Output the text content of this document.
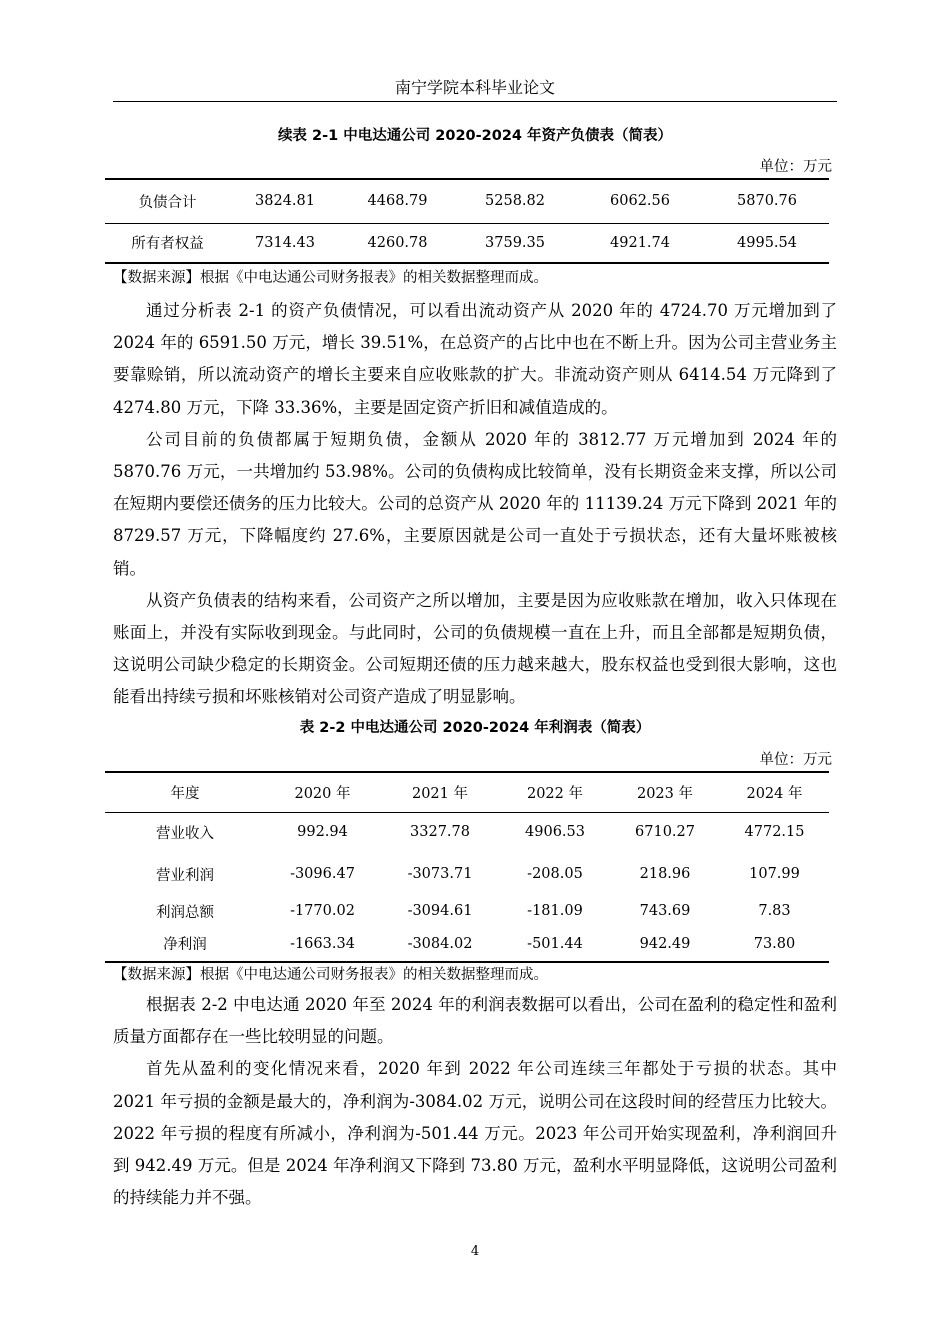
南宁学院本科毕业论文
续表 2-1 中电达通公司 2020-2024 年资产负债表（简表）
单位：万元
负债合计	3824.81	4468.79	5258.82	6062.56	5870.76
所有者权益	7314.43	4260.78	3759.35	4921.74	4995.54
【数据来源】根据《中电达通公司财务报表》的相关数据整理而成。

通过分析表 2-1 的资产负债情况，可以看出流动资产从 2020 年的 4724.70 万元增加到了 2024 年的 6591.50 万元，增长 39.51%，在总资产的占比中也在不断上升。因为公司主营业务主要靠赊销，所以流动资产的增长主要来自应收账款的扩大。非流动资产则从 6414.54 万元降到了 4274.80 万元，下降 33.36%，主要是固定资产折旧和减值造成的。

公司目前的负债都属于短期负债，金额从 2020 年的 3812.77 万元增加到 2024 年的 5870.76 万元，一共增加约 53.98%。公司的负债构成比较简单，没有长期资金来支撑，所以公司在短期内要偿还债务的压力比较大。公司的总资产从 2020 年的 11139.24 万元下降到 2021 年的 8729.57 万元，下降幅度约 27.6%，主要原因就是公司一直处于亏损状态，还有大量坏账被核销。

从资产负债表的结构来看，公司资产之所以增加，主要是因为应收账款在增加，收入只体现在账面上，并没有实际收到现金。与此同时，公司的负债规模一直在上升，而且全部都是短期负债，这说明公司缺少稳定的长期资金。公司短期还债的压力越来越大，股东权益也受到很大影响，这也能看出持续亏损和坏账核销对公司资产造成了明显影响。

表 2-2 中电达通公司 2020-2024 年利润表（简表）
单位：万元
年度	2020 年	2021 年	2022 年	2023 年	2024 年
营业收入	992.94	3327.78	4906.53	6710.27	4772.15
营业利润	-3096.47	-3073.71	-208.05	218.96	107.99
利润总额	-1770.02	-3094.61	-181.09	743.69	7.83
净利润	-1663.34	-3084.02	-501.44	942.49	73.80
【数据来源】根据《中电达通公司财务报表》的相关数据整理而成。

根据表 2-2 中电达通 2020 年至 2024 年的利润表数据可以看出，公司在盈利的稳定性和盈利质量方面都存在一些比较明显的问题。

首先从盈利的变化情况来看，2020 年到 2022 年公司连续三年都处于亏损的状态。其中 2021 年亏损的金额是最大的，净利润为-3084.02 万元，说明公司在这段时间的经营压力比较大。2022 年亏损的程度有所减小，净利润为-501.44 万元。2023 年公司开始实现盈利，净利润回升到 942.49 万元。但是 2024 年净利润又下降到 73.80 万元，盈利水平明显降低，这说明公司盈利的持续能力并不强。

4
